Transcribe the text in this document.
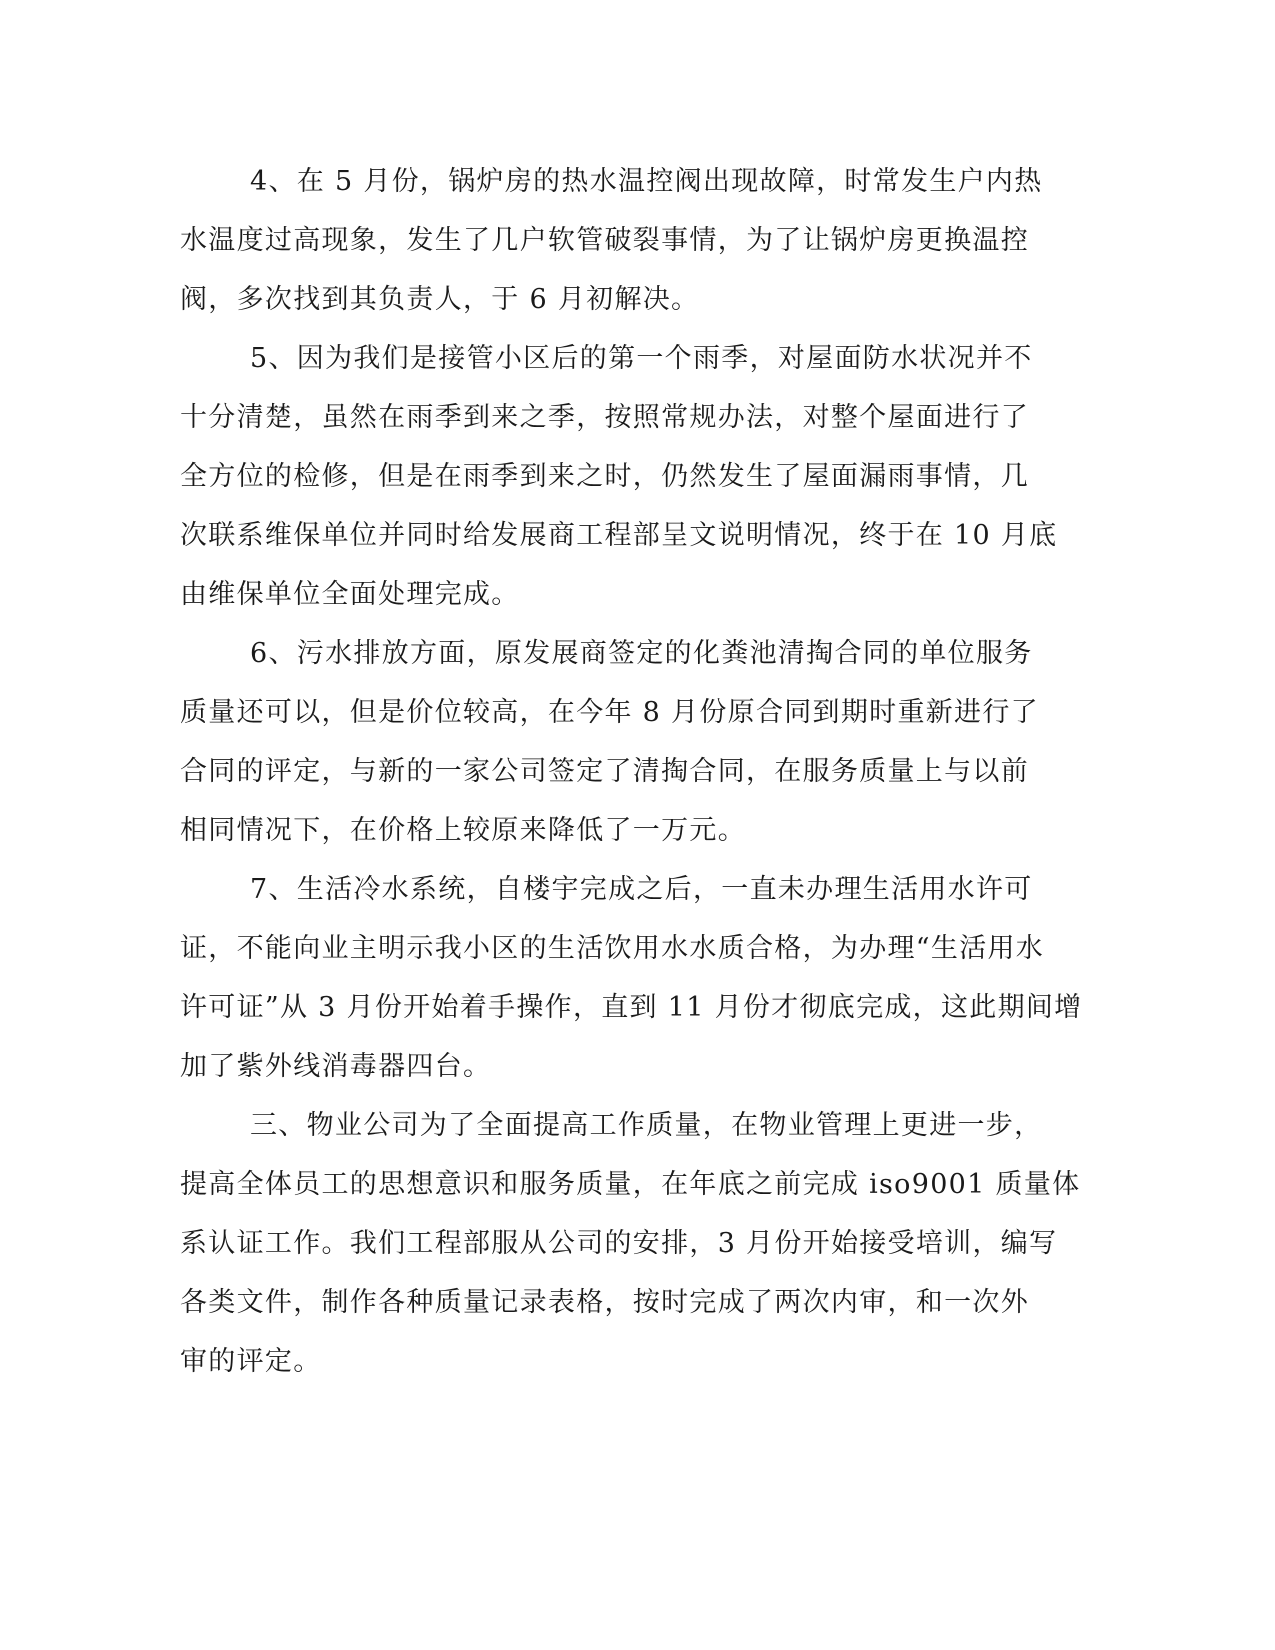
4、在 5 月份，锅炉房的热水温控阀出现故障，时常发生户内热
水温度过高现象，发生了几户软管破裂事情，为了让锅炉房更换温控
阀，多次找到其负责人，于 6 月初解决。

5、因为我们是接管小区后的第一个雨季，对屋面防水状况并不
十分清楚，虽然在雨季到来之季，按照常规办法，对整个屋面进行了
全方位的检修，但是在雨季到来之时，仍然发生了屋面漏雨事情，几
次联系维保单位并同时给发展商工程部呈文说明情况，终于在 10 月底
由维保单位全面处理完成。

6、污水排放方面，原发展商签定的化粪池清掏合同的单位服务
质量还可以，但是价位较高，在今年 8 月份原合同到期时重新进行了
合同的评定，与新的一家公司签定了清掏合同，在服务质量上与以前
相同情况下，在价格上较原来降低了一万元。

7、生活冷水系统，自楼宇完成之后，一直未办理生活用水许可
证，不能向业主明示我小区的生活饮用水水质合格，为办理“生活用水
许可证”从 3 月份开始着手操作，直到 11 月份才彻底完成，这此期间增
加了紫外线消毒器四台。

三、物业公司为了全面提高工作质量，在物业管理上更进一步，
提高全体员工的思想意识和服务质量，在年底之前完成 iso9001 质量体
系认证工作。我们工程部服从公司的安排，3 月份开始接受培训，编写
各类文件，制作各种质量记录表格，按时完成了两次内审，和一次外
审的评定。
